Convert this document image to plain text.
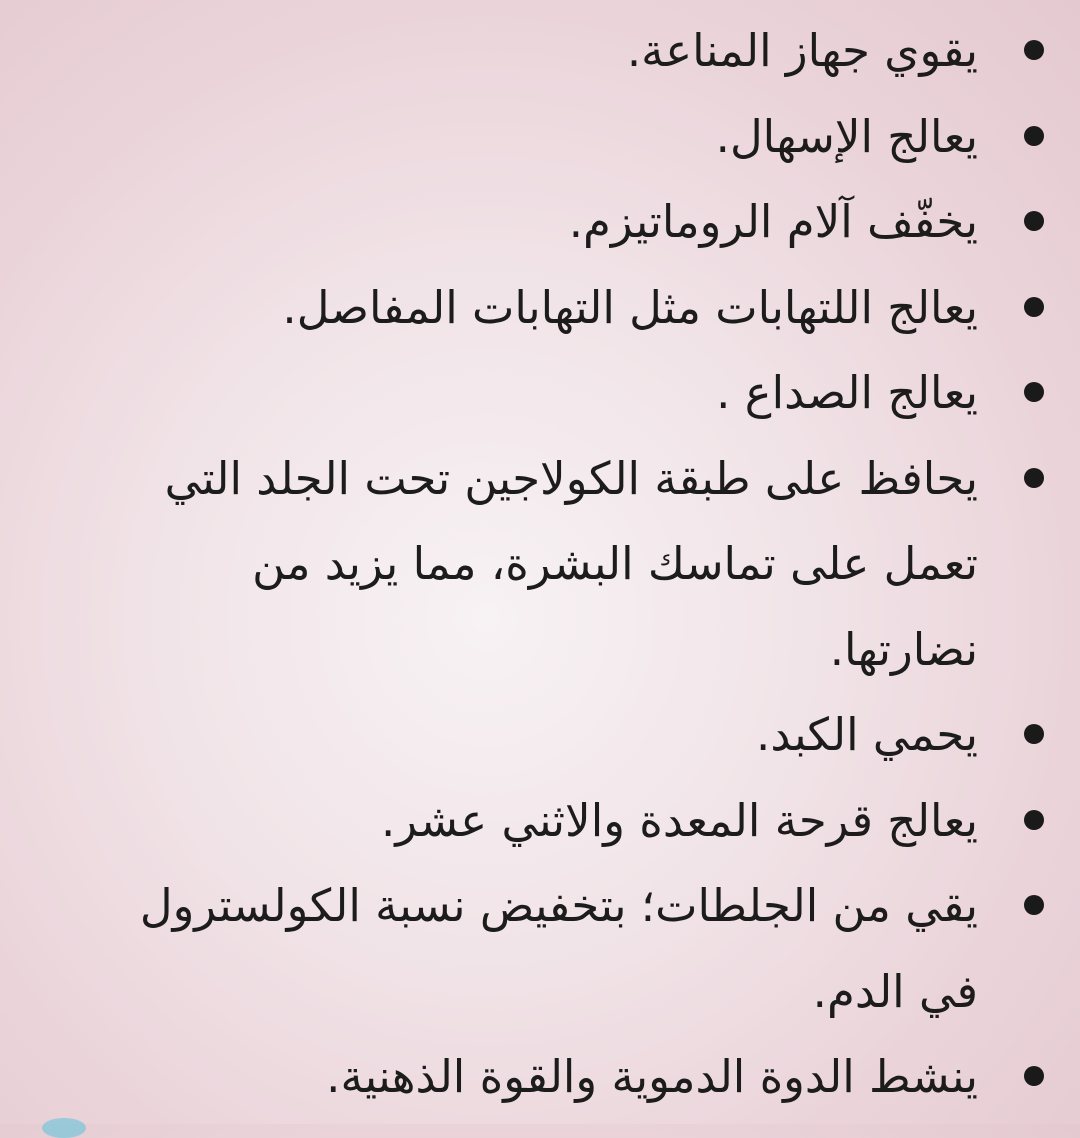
يقوي جهاز المناعة.
يعالج الإسهال.
يخفّف آلام الروماتيزم.
يعالج اللتهابات مثل التهابات المفاصل.
يعالج الصداع .
يحافظ على طبقة الكولاجين تحت الجلد التي تعمل على تماسك البشرة، مما يزيد من نضارتها.
يحمي الكبد.
يعالج قرحة المعدة والاثني عشر.
يقي من الجلطات؛ بتخفيض نسبة الكولسترول في الدم.
ينشط الدوة الدموية والقوة الذهنية.
